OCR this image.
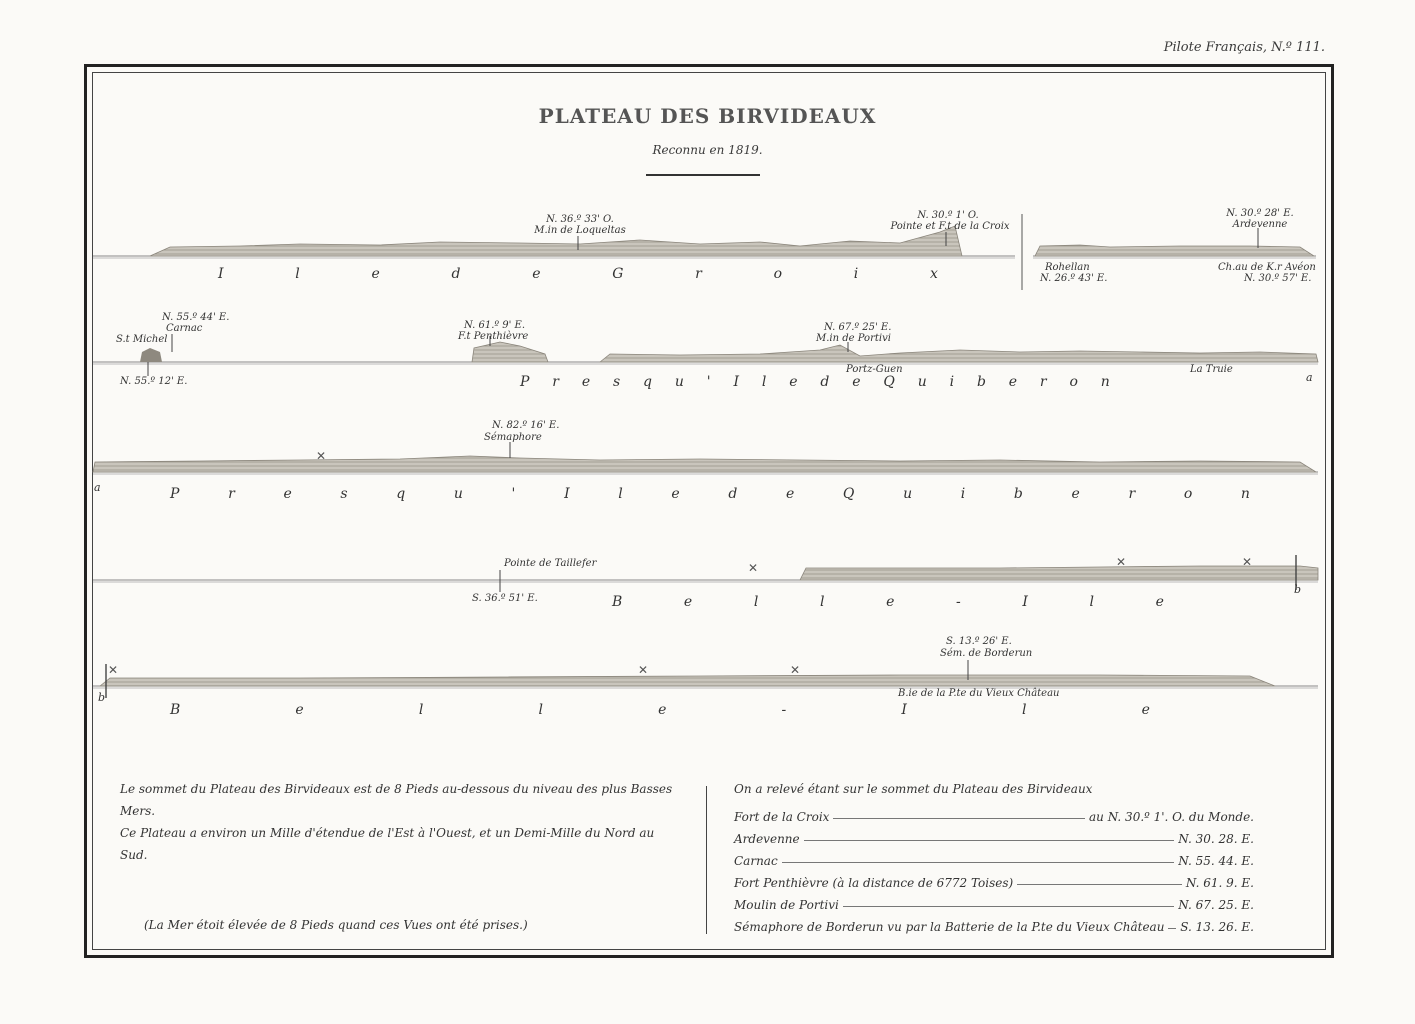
Pilote Français, N.º 111.
PLATEAU DES BIRVIDEAUX
Reconnu en 1819.
✕
✕	✕	✕
✕	✕	✕
N. 36.º 33' O.
M.in de Loqueltas
N. 30.º 1' O.
Pointe et F.t de la Croix
N. 30.º 28' E.
Ardevenne
Rohellan
N. 26.º 43' E.
Ch.au de K.r Avéon
N. 30.º 57' E.
I	l	e	d	e	G	r	o	i	x
N. 55.º 44' E.
Carnac
S.t Michel
N. 55.º 12' E.
N. 61.º 9' E.
F.t Penthièvre
N. 67.º 25' E.
M.in de Portivi
Portz-Guen	La Truie
a
P r e s q u ' I l e d e Q u i b e r o n
N. 82.º 16' E.
Sémaphore
a	P	r	e	s	q	u	'	I	l	e	d	e	Q	u	i	b	e	r	o	n
Pointe de Taillefer
S. 36.º 51' E.
b
B	e	l	l	e	-	I	l	e
S. 13.º 26' E.
Sém. de Borderun
B.ie de la P.te du Vieux Château
b
B	e	l	l	e	-	I	l	e
Le sommet du Plateau des Birvideaux est de 8 Pieds au-dessous du niveau des plus Basses Mers.
Ce Plateau a environ un Mille d'étendue de l'Est à l'Ouest, et un Demi-Mille du Nord au Sud.
(La Mer étoit élevée de 8 Pieds quand ces Vues ont été prises.)
On a relevé étant sur le sommet du Plateau des Birvideaux
Fort de la Croix	au N. 30.º 1'. O. du Monde.
Ardevenne	N. 30. 28. E.
Carnac	N. 55. 44. E.
Fort Penthièvre (à la distance de 6772 Toises)	N. 61. 9. E.
Moulin de Portivi	N. 67. 25. E.
Sémaphore de Borderun vu par la Batterie de la P.te du Vieux Château S. 13. 26. E.
